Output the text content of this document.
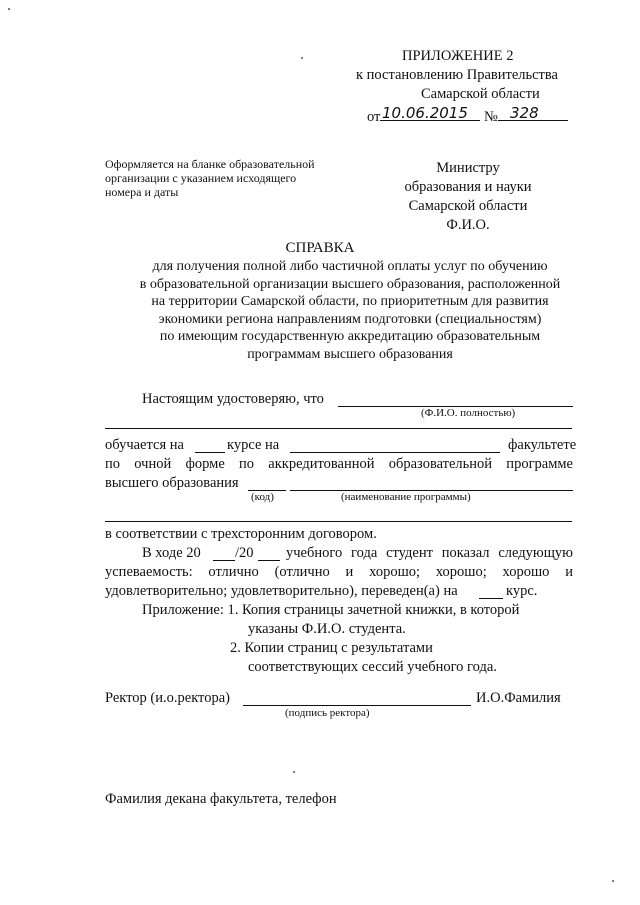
ПРИЛОЖЕНИЕ 2
к постановлению Правительства
Самарской области
от	№
10.06.2015	328
Оформляется на бланке образовательной
организации с указанием исходящего
номера и даты
Министру
образования и науки
Самарской области
Ф.И.О.
СПРАВКА
для получения полной либо частичной оплаты услуг по обучению
в образовательной организации высшего образования, расположенной
на территории Самарской области, по приоритетным для развития
экономики региона направлениям подготовки (специальностям)
по имеющим государственную аккредитацию образовательным
программам высшего образования
Настоящим удостоверяю, что
(Ф.И.О. полностью)
обучается на	курсе на	факультете
по очной форме по аккредитованной образовательной программе
высшего образования
(код)	(наименование программы)
в соответствии с трехсторонним договором.
В ходе 20 /20 учебного года студент показал следующую
успеваемость: отлично (отлично и хорошо; хорошо; хорошо и
удовлетворительно; удовлетворительно), переведен(а) на	курс.
Приложение: 1. Копия страницы зачетной книжки, в которой
указаны Ф.И.О. студента.
2. Копии страниц с результатами
соответствующих сессий учебного года.
Ректор (и.о.ректора)	И.О.Фамилия
(подпись ректора)
Фамилия декана факультета, телефон
